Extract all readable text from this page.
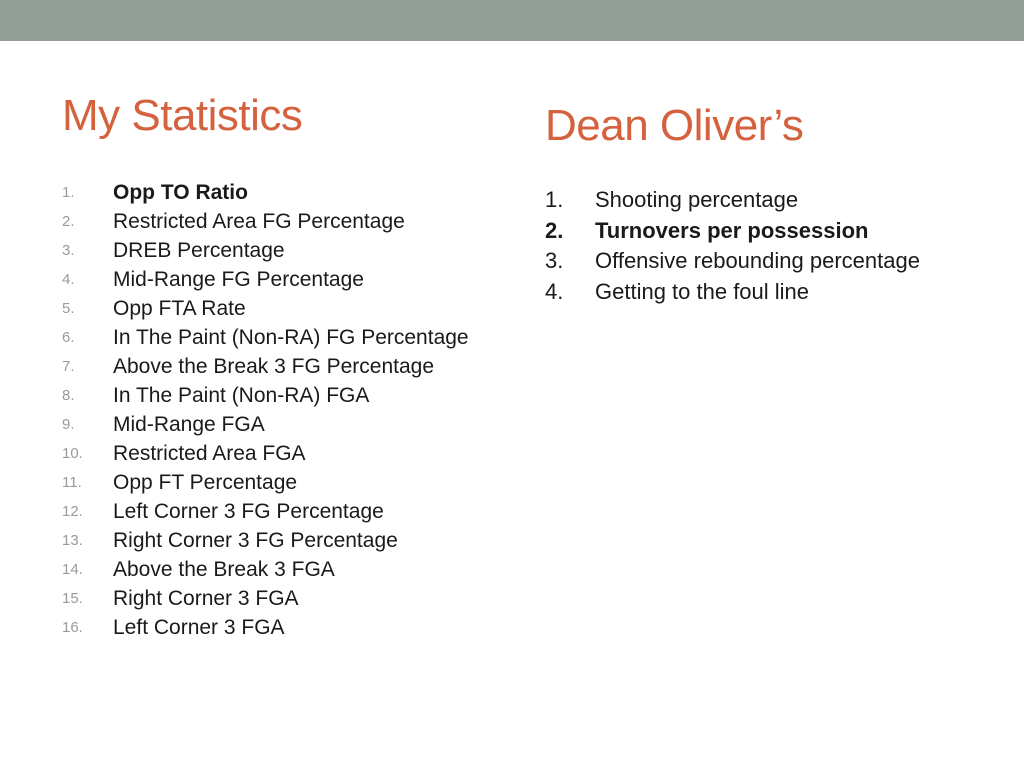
My Statistics	Dean Oliver’s
1. Opp TO Ratio
2. Restricted Area FG Percentage
3. DREB Percentage
4. Mid-Range FG Percentage
5. Opp FTA Rate
6. In The Paint (Non-RA) FG Percentage
7. Above the Break 3 FG Percentage
8. In The Paint (Non-RA) FGA
9. Mid-Range FGA
10. Restricted Area FGA
11. Opp FT Percentage
12. Left Corner 3 FG Percentage
13. Right Corner 3 FG Percentage
14. Above the Break 3 FGA
15. Right Corner 3 FGA
16. Left Corner 3 FGA
1. Shooting percentage
2. Turnovers per possession
3. Offensive rebounding percentage
4. Getting to the foul line
